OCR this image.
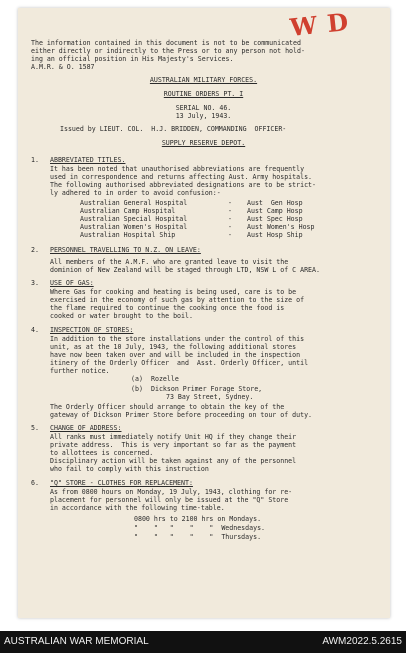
W D
The information contained in this document is not to be communicated
either directly or indirectly to the Press or to any person not hold-
ing an official position in His Majesty's Services.
A.M.R. & O. 1587
AUSTRALIAN MILITARY FORCES.
ROUTINE ORDERS PT. I
SERIAL NO. 46.
13 July, 1943.
Issued by LIEUT. COL.  H.J. BRIDDEN, COMMANDING  OFFICER-
SUPPLY RESERVE DEPOT.
1. ABBREVIATED TITLES.
It has been noted that unauthorised abbreviations are frequently
used in correspondence and returns affecting Aust. Army hospitals.
The following authorised abbreviated designations are to be strict-
ly adhered to in order to avoid confusion:-
Australian General Hospital	- Aust  Gen Hosp
Australian Camp Hospital	- Aust Camp Hosp
Australian Special Hospital	- Aust Spec Hosp
Australian Women's Hospital	- Aust Women's Hosp
Australian Hospital Ship	- Aust Hosp Ship
2. PERSONNEL TRAVELLING TO N.Z. ON LEAVE:
All members of the A.M.F. who are granted leave to visit the
dominion of New Zealand will be staged through LTD, NSW L of C AREA.
3. USE OF GAS:
Where Gas for cooking and heating is being used, care is to be
exercised in the economy of such gas by attention to the size of
the flame required to continue the cooking once the food is
cooked or water brought to the boil.
4. INSPECTION OF STORES:
In addition to the store installations under the control of this
unit, as at the 10 July, 1943, the following additional stores
have now been taken over and will be included in the inspection
itinery of the Orderly Officer  and  Asst. Orderly Officer, until
further notice.
(a) Rozelle
(b) Dickson Primer Forage Store,
73 Bay Street, Sydney.
The Orderly Officer should arrange to obtain the key of the
gateway of Dickson Primer Store before proceeding on tour of duty.
5. CHANGE OF ADDRESS:
All ranks must immediately notify Unit HQ if they change their
private address.  This is very important so far as the payment
to allottees is concerned.
Disciplinary action will be taken against any of the personnel
who fail to comply with this instruction
6. "Q" STORE - CLOTHES FOR REPLACEMENT:
As from 0800 hours on Monday, 19 July, 1943, clothing for re-
placement for personnel will only be issued at the "Q" Store
in accordance with the following time-table.
0800 hrs to 2100 hrs on Mondays.
"    "   "    "    "  Wednesdays.
"    "   "    "    "  Thursdays.
AUSTRALIAN WAR MEMORIAL	AWM2022.5.2615
